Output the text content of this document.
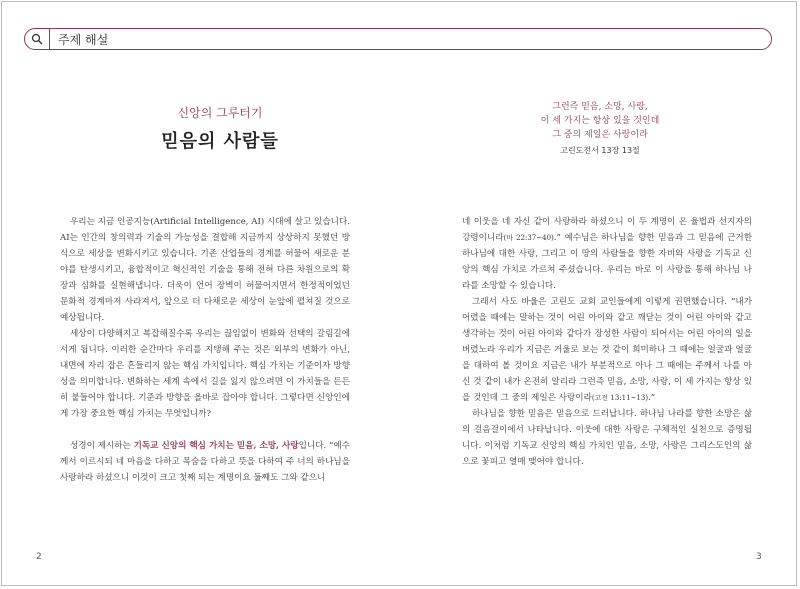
주제 해설
신앙의 그루터기
믿음의 사람들
그런즉 믿음, 소망, 사랑,
이 세 가지는 항상 있을 것인데
그 중의 제일은 사랑이라
고린도전서 13장 13절

우리는 지금 인공지능(Artificial Intelligence, AI) 시대에 살고 있습니다. AI는 인간의 창의력과 기술의 가능성을 결합해 지금까지 상상하지 못했던 방식으로 세상을 변화시키고 있습니다. 기존 산업들의 경계를 허물어 새로운 분야를 탄생시키고, 융합적이고 혁신적인 기술을 통해 전혀 다른 차원으로의 확장과 심화를 실현해냅니다. 더욱이 언어 장벽이 허물어지면서 한정적이었던 문화적 경계마저 사라져서, 앞으로 더 다채로운 세상이 눈앞에 펼쳐질 것으로 예상됩니다.

세상이 다양해지고 복잡해질수록 우리는 끊임없이 변화와 선택의 갈림길에 서게 됩니다. 이러한 순간마다 우리를 지탱해 주는 것은 외부의 변화가 아닌, 내면에 자리 잡은 흔들리지 않는 핵심 가치입니다. 핵심 가치는 기준이자 방향성을 의미합니다. 변화하는 세계 속에서 길을 잃지 않으려면 이 가치들을 든든히 붙들어야 합니다. 기준과 방향을 올바로 잡아야 합니다. 그렇다면 신앙인에게 가장 중요한 핵심 가치는 무엇입니까?

성경이 제시하는 기독교 신앙의 핵심 가치는 믿음, 소망, 사랑입니다. “예수께서 이르시되 네 마음을 다하고 목숨을 다하고 뜻을 다하여 주 너의 하나님을 사랑하라 하셨으니 이것이 크고 첫째 되는 계명이요 둘째도 그와 같으니

네 이웃을 네 자신 같이 사랑하라 하셨으니 이 두 계명이 온 율법과 선지자의 강령이니라(마 22:37~40).” 예수님은 하나님을 향한 믿음과 그 믿음에 근거한 하나님에 대한 사랑, 그리고 이 땅의 사람들을 향한 자비와 사랑을 기독교 신앙의 핵심 가치로 가르쳐 주셨습니다. 우리는 바로 이 사랑을 통해 하나님 나라를 소망할 수 있습니다.

그래서 사도 바울은 고린도 교회 교인들에게 이렇게 권면했습니다. “내가 어렸을 때에는 말하는 것이 어린 아이와 같고 깨닫는 것이 어린 아이와 같고 생각하는 것이 어린 아이와 같다가 장성한 사람이 되어서는 어린 아이의 일을 버렸노라 우리가 지금은 거울로 보는 것 같이 희미하나 그 때에는 얼굴과 얼굴을 대하여 볼 것이요 지금은 내가 부분적으로 아나 그 때에는 주께서 나를 아신 것 같이 내가 온전히 알리라 그런즉 믿음, 소망, 사랑, 이 세 가지는 항상 있을 것인데 그 중의 제일은 사랑이라(고전 13:11~13).”

하나님을 향한 믿음은 믿음으로 드러납니다. 하나님 나라를 향한 소망은 삶의 걸음걸이에서 나타납니다. 이웃에 대한 사랑은 구체적인 실천으로 증명됩니다. 이처럼 기독교 신앙의 핵심 가치인 믿음, 소망, 사랑은 그리스도인의 삶으로 꽃피고 열매 맺어야 합니다.

2	3
